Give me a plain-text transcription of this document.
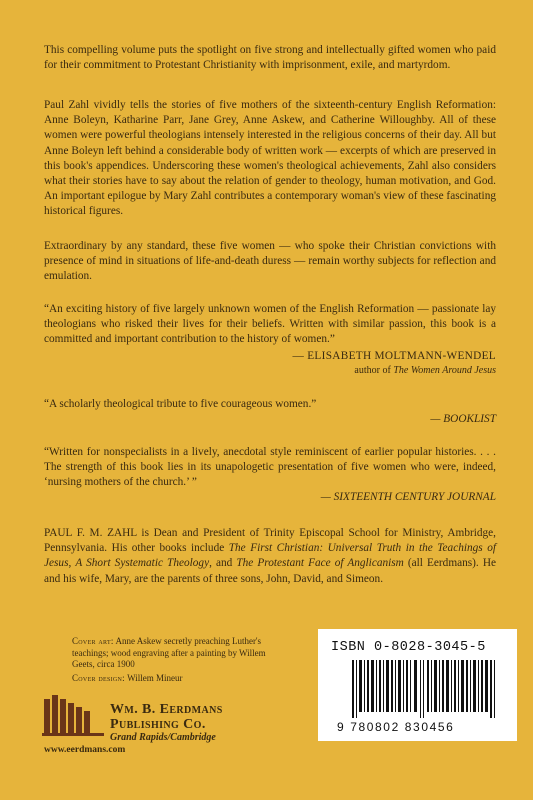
This compelling volume puts the spotlight on five strong and intellectually gifted women who paid for their commitment to Protestant Christianity with imprisonment, exile, and martyrdom.

Paul Zahl vividly tells the stories of five mothers of the sixteenth-century English Reformation: Anne Boleyn, Katharine Parr, Jane Grey, Anne Askew, and Catherine Willoughby. All of these women were powerful theologians intensely interested in the religious concerns of their day. All but Anne Boleyn left behind a considerable body of written work — excerpts of which are preserved in this book's appendices. Underscoring these women's theological achievements, Zahl also considers what their stories have to say about the relation of gender to theology, human motivation, and God. An important epilogue by Mary Zahl contributes a contemporary woman's view of these fascinating historical figures.

Extraordinary by any standard, these five women — who spoke their Christian convictions with presence of mind in situations of life-and-death duress — remain worthy subjects for reflection and emulation.

“An exciting history of five largely unknown women of the English Reformation — passionate lay theologians who risked their lives for their beliefs. Written with similar passion, this book is a committed and important contribution to the history of women.”

— ELISABETH MOLTMANN-WENDEL

author of The Women Around Jesus

“A scholarly theological tribute to five courageous women.”

— BOOKLIST

“Written for nonspecialists in a lively, anecdotal style reminiscent of earlier popular histories. . . . The strength of this book lies in its unapologetic presentation of five women who were, indeed, ‘nursing mothers of the church.’ ”

— SIXTEENTH CENTURY JOURNAL

PAUL F. M. ZAHL is Dean and President of Trinity Episcopal School for Ministry, Ambridge, Pennsylvania. His other books include The First Christian: Universal Truth in the Teachings of Jesus, A Short Systematic Theology, and The Protestant Face of Anglicanism (all Eerdmans). He and his wife, Mary, are the parents of three sons, John, David, and Simeon.

Cover art: Anne Askew secretly preaching Luther's teachings; wood engraving after a painting by Willem Geets, circa 1900
Cover design: Willem Mineur
Wm. B. Eerdmans
Publishing Co.
Grand Rapids/Cambridge
www.eerdmans.com
ISBN 0-8028-3045-5
9 780802 830456
